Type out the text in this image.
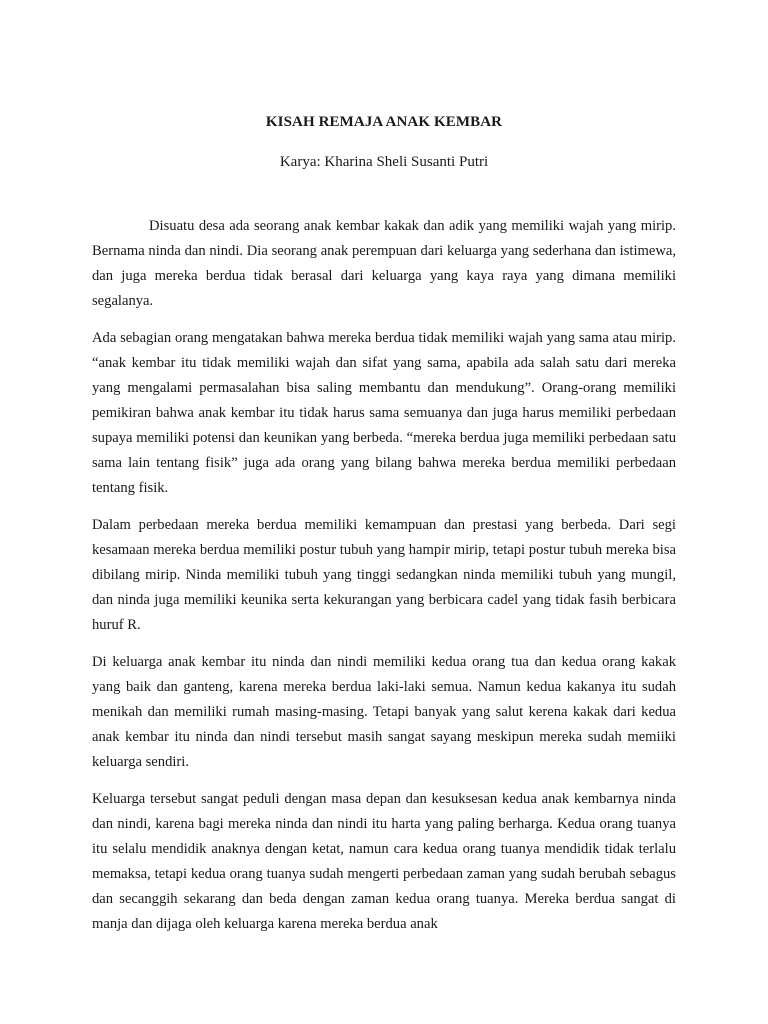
KISAH REMAJA ANAK KEMBAR
Karya: Kharina Sheli Susanti Putri

Disuatu desa ada seorang anak kembar kakak dan adik yang memiliki wajah yang mirip. Bernama ninda dan nindi. Dia seorang anak perempuan dari keluarga yang sederhana dan istimewa, dan juga mereka berdua tidak berasal dari keluarga yang kaya raya yang dimana memiliki segalanya.

Ada sebagian orang mengatakan bahwa mereka berdua tidak memiliki wajah yang sama atau mirip. “anak kembar itu tidak memiliki wajah dan sifat yang sama, apabila ada salah satu dari mereka yang mengalami permasalahan bisa saling membantu dan mendukung”. Orang-orang memiliki pemikiran bahwa anak kembar itu tidak harus sama semuanya dan juga harus memiliki perbedaan supaya memiliki potensi dan keunikan yang berbeda. “mereka berdua juga memiliki perbedaan satu sama lain tentang fisik” juga ada orang yang bilang bahwa mereka berdua memiliki perbedaan tentang fisik.

Dalam perbedaan mereka berdua memiliki kemampuan dan prestasi yang berbeda. Dari segi kesamaan mereka berdua memiliki postur tubuh yang hampir mirip, tetapi postur tubuh mereka bisa dibilang mirip. Ninda memiliki tubuh yang tinggi sedangkan ninda memiliki tubuh yang mungil, dan ninda juga memiliki keunika serta kekurangan yang berbicara cadel yang tidak fasih berbicara huruf R.

Di keluarga anak kembar itu ninda dan nindi memiliki kedua orang tua dan kedua orang kakak yang baik dan ganteng, karena mereka berdua laki-laki semua. Namun kedua kakanya itu sudah menikah dan memiliki rumah masing-masing. Tetapi banyak yang salut kerena kakak dari kedua anak kembar itu ninda dan nindi tersebut masih sangat sayang meskipun mereka sudah memiiki keluarga sendiri.

Keluarga tersebut sangat peduli dengan masa depan dan kesuksesan kedua anak kembarnya ninda dan nindi, karena bagi mereka ninda dan nindi itu harta yang paling berharga. Kedua orang tuanya itu selalu mendidik anaknya dengan ketat, namun cara kedua orang tuanya mendidik tidak terlalu memaksa, tetapi kedua orang tuanya sudah mengerti perbedaan zaman yang sudah berubah sebagus dan secanggih sekarang dan beda dengan zaman kedua orang tuanya. Mereka berdua sangat di manja dan dijaga oleh keluarga karena mereka berdua anak
